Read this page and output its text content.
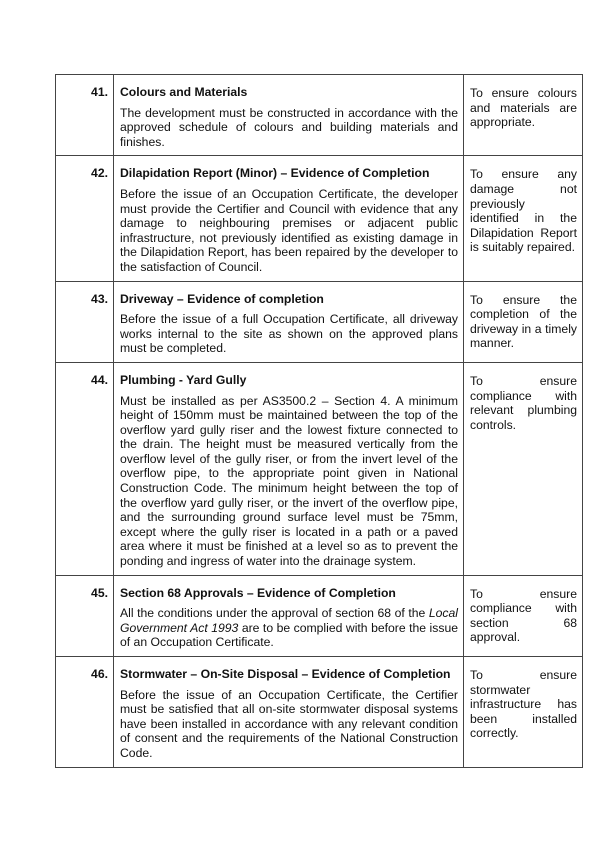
41.	Colours and Materials
The development must be constructed in accordance with the approved schedule of colours and building materials and finishes.	To ensure colours and materials are appropriate.

42.	Dilapidation Report (Minor) – Evidence of Completion
Before the issue of an Occupation Certificate, the developer must provide the Certifier and Council with evidence that any damage to neighbouring premises or adjacent public infrastructure, not previously identified as existing damage in the Dilapidation Report, has been repaired by the developer to the satisfaction of Council.	To ensure any damage not previously identified in the Dilapidation Report is suitably repaired.

43.	Driveway – Evidence of completion
Before the issue of a full Occupation Certificate, all driveway works internal to the site as shown on the approved plans must be completed.	To ensure the completion of the driveway in a timely manner.

44.	Plumbing - Yard Gully
Must be installed as per AS3500.2 – Section 4. A minimum height of 150mm must be maintained between the top of the overflow yard gully riser and the lowest fixture connected to the drain. The height must be measured vertically from the overflow level of the gully riser, or from the invert level of the overflow pipe, to the appropriate point given in National Construction Code. The minimum height between the top of the overflow yard gully riser, or the invert of the overflow pipe, and the surrounding ground surface level must be 75mm, except where the gully riser is located in a path or a paved area where it must be finished at a level so as to prevent the ponding and ingress of water into the drainage system.	To ensure compliance with relevant plumbing controls.

45.	Section 68 Approvals – Evidence of Completion
All the conditions under the approval of section 68 of the Local Government Act 1993 are to be complied with before the issue of an Occupation Certificate.	To ensure compliance with section 68 approval.

46.	Stormwater – On-Site Disposal – Evidence of Completion
Before the issue of an Occupation Certificate, the Certifier must be satisfied that all on-site stormwater disposal systems have been installed in accordance with any relevant condition of consent and the requirements of the National Construction Code.	To ensure stormwater infrastructure has been installed correctly.
